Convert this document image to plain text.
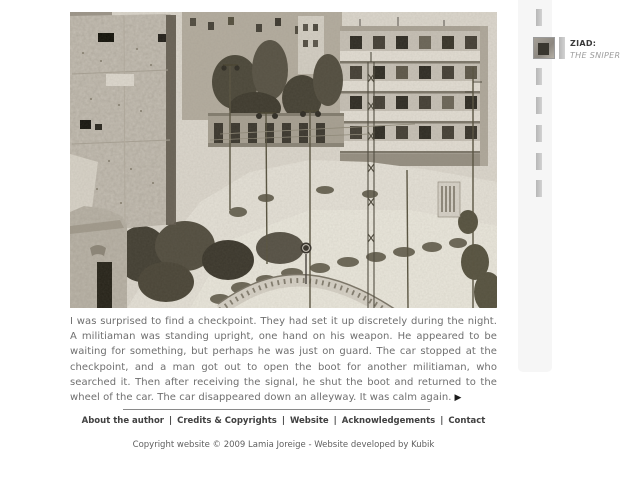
I was surprised to find a checkpoint. They had set it up discretely during the night. A militiaman was standing upright, one hand on his weapon. He appeared to be waiting for something, but perhaps he was just on guard. The car stopped at the checkpoint, and a man got out to open the boot for another militiaman, who searched it. Then after receiving the signal, he shut the boot and returned to the wheel of the car. The car disappeared down an alleyway. It was calm again. ▶

About the author | Credits & Copyrights | Website | Acknowledgements | Contact
Copyright website © 2009 Lamia Joreige - Website developed by Kubik
ZIAD:
THE SNIPER
